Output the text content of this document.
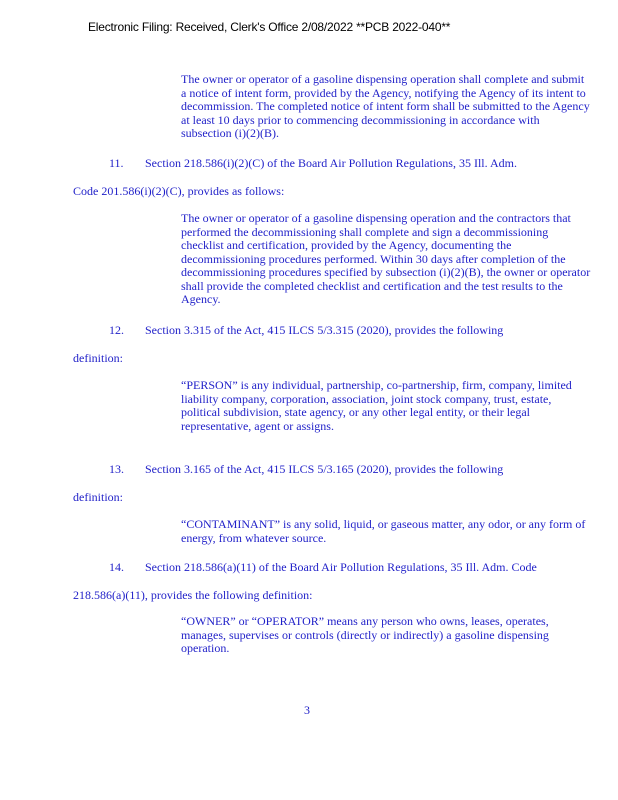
Electronic Filing: Received, Clerk's Office 2/08/2022 **PCB 2022-040**
The owner or operator of a gasoline dispensing operation shall complete and submit a notice of intent form, provided by the Agency, notifying the Agency of its intent to decommission. The completed notice of intent form shall be submitted to the Agency at least 10 days prior to commencing decommissioning in accordance with subsection (i)(2)(B).
11. Section 218.586(i)(2)(C) of the Board Air Pollution Regulations, 35 Ill. Adm.
Code 201.586(i)(2)(C), provides as follows:
The owner or operator of a gasoline dispensing operation and the contractors that performed the decommissioning shall complete and sign a decommissioning checklist and certification, provided by the Agency, documenting the decommissioning procedures performed. Within 30 days after completion of the decommissioning procedures specified by subsection (i)(2)(B), the owner or operator shall provide the completed checklist and certification and the test results to the Agency.
12. Section 3.315 of the Act, 415 ILCS 5/3.315 (2020), provides the following
definition:
“PERSON” is any individual, partnership, co-partnership, firm, company, limited liability company, corporation, association, joint stock company, trust, estate, political subdivision, state agency, or any other legal entity, or their legal representative, agent or assigns.
13. Section 3.165 of the Act, 415 ILCS 5/3.165 (2020), provides the following
definition:
“CONTAMINANT” is any solid, liquid, or gaseous matter, any odor, or any form of energy, from whatever source.
14. Section 218.586(a)(11) of the Board Air Pollution Regulations, 35 Ill. Adm. Code
218.586(a)(11), provides the following definition:
“OWNER” or “OPERATOR” means any person who owns, leases, operates, manages, supervises or controls (directly or indirectly) a gasoline dispensing operation.
3
